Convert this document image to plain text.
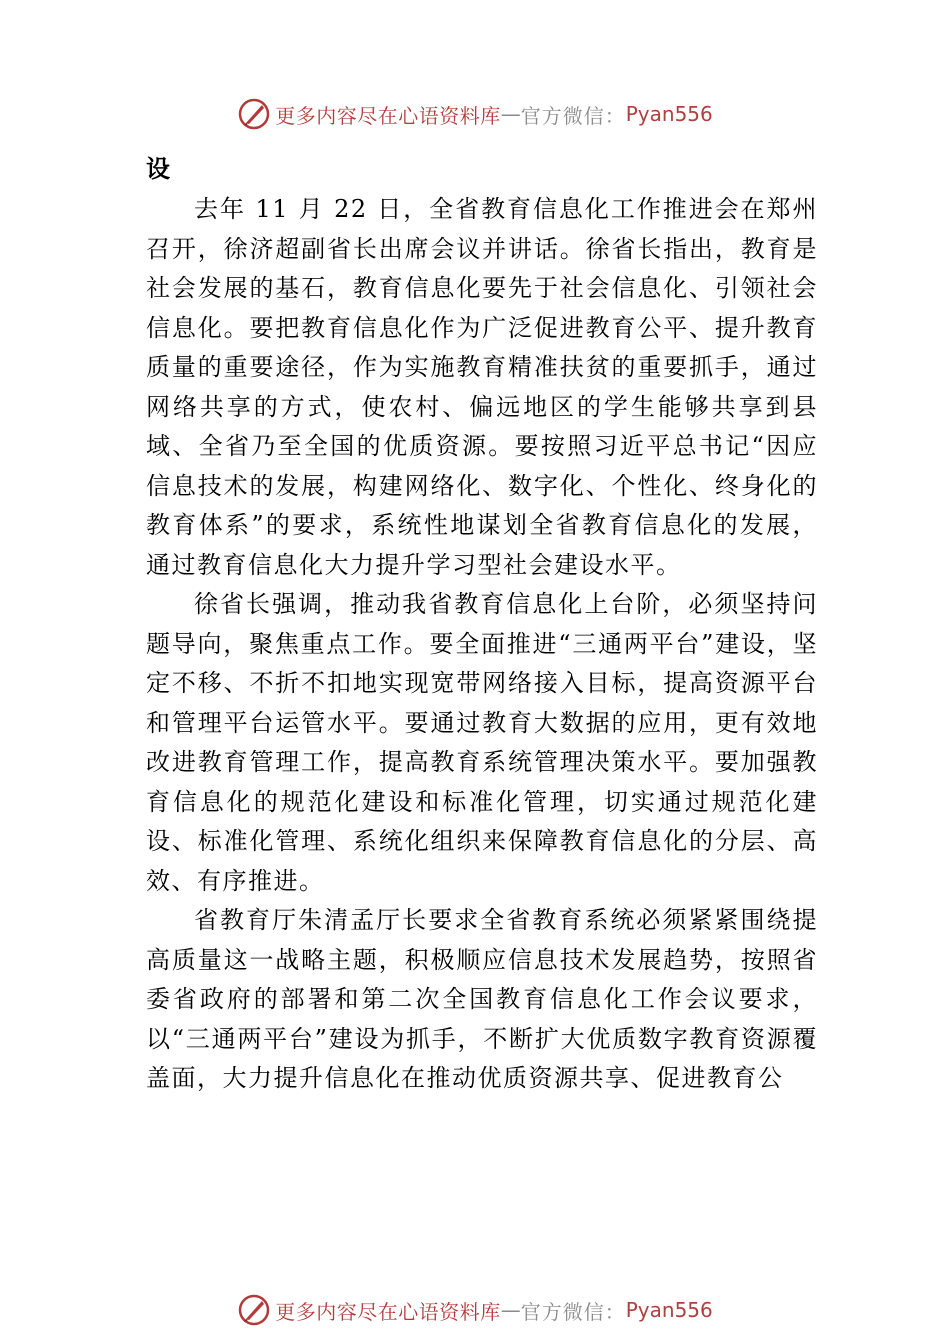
更多内容尽在心语资料库 — 官方微信： Pyan556

设

去年 11 月 22 日，全省教育信息化工作推进会在郑州召开，徐济超副省长出席会议并讲话。徐省长指出，教育是社会发展的基石，教育信息化要先于社会信息化、引领社会信息化。要把教育信息化作为广泛促进教育公平、提升教育质量的重要途径，作为实施教育精准扶贫的重要抓手，通过网络共享的方式，使农村、偏远地区的学生能够共享到县域、全省乃至全国的优质资源。要按照习近平总书记“因应信息技术的发展，构建网络化、数字化、个性化、终身化的教育体系”的要求，系统性地谋划全省教育信息化的发展，通过教育信息化大力提升学习型社会建设水平。

徐省长强调，推动我省教育信息化上台阶，必须坚持问题导向，聚焦重点工作。要全面推进“三通两平台”建设，坚定不移、不折不扣地实现宽带网络接入目标，提高资源平台和管理平台运管水平。要通过教育大数据的应用，更有效地改进教育管理工作，提高教育系统管理决策水平。要加强教育信息化的规范化建设和标准化管理，切实通过规范化建设、标准化管理、系统化组织来保障教育信息化的分层、高效、有序推进。

省教育厅朱清孟厅长要求全省教育系统必须紧紧围绕提高质量这一战略主题，积极顺应信息技术发展趋势，按照省委省政府的部署和第二次全国教育信息化工作会议要求，以“三通两平台”建设为抓手，不断扩大优质数字教育资源覆盖面，大力提升信息化在推动优质资源共享、促进教育公

更多内容尽在心语资料库 — 官方微信： Pyan556
